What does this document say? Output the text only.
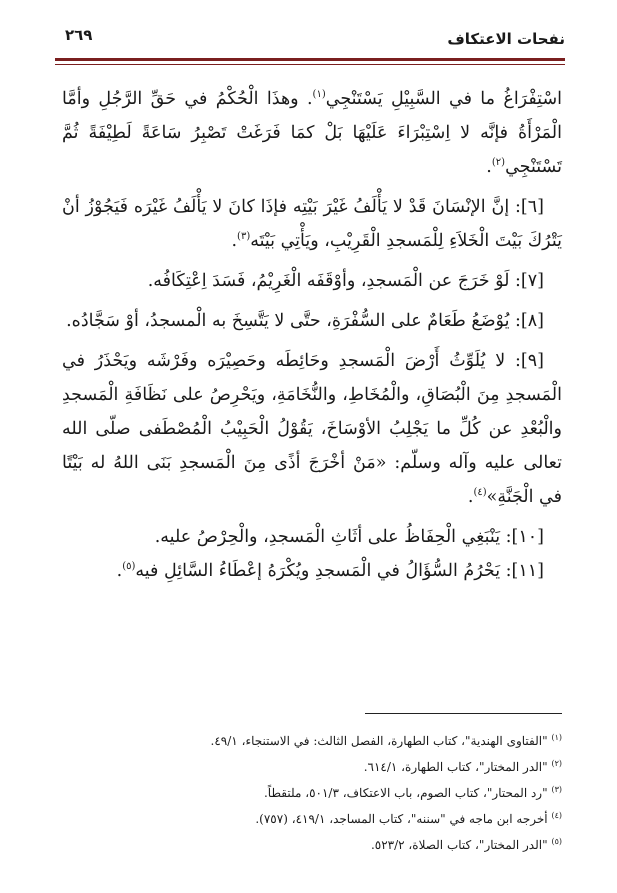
نفحات الاعتكاف
٢٦٩

اسْتِفْرَاغُ ما في السَّبِيْلِ يَسْتَنْجِي$^{(١)}$. وهذَا الْحُكْمُ في حَقِّ الرَّجُلِ وأمَّا الْمَرْأَةُ فإنَّه لا اِسْتِبْرَاءَ عَلَيْهَا بَلْ كمَا فَرَغَتْ تَصْبِرُ سَاعَةً لَطِيْفَةً ثُمَّ تَسْتَنْجِي$^{(٢)}$.

[٦]: إنَّ الإنْسَانَ قَدْ لا يَأْلَفُ غَيْرَ بَيْتِه فإذَا كانَ لا يَأْلَفُ غَيْرَه فَيَجُوْزُ أنْ يَتْرُكَ بَيْتَ الْخَلاَءِ لِلْمَسجدِ الْقَرِيْبِ، ويَأْتِي بَيْتَه$^{(٣)}$.

[٧]: لَوْ خَرَجَ عن الْمَسجدِ، وأوْقَفَه الْغَرِيْمُ، فَسَدَ اِعْتِكَافُه.

[٨]: يُوْضَعُ طَعَامٌ على السُّفْرَةِ، حتَّى لا يَتَّسِخَ به الْمسجدُ، أوْ سَجَّادُه.

[٩]: لا يُلَوِّثُ أَرْضَ الْمَسجدِ وحَائِطَه وحَصِيْرَه وفَرْشَه ويَحْذَرُ في الْمَسجدِ مِنَ الْبُصَاقِ، والْمُخَاطِ، والنُّخَامَةِ، ويَحْرِصُ على نَظَافَةِ الْمَسجدِ والْبُعْدِ عن كُلِّ ما يَجْلِبُ الأوْسَاخَ، يَقُوْلُ الْحَبِيْبُ الْمُصْطَفى صلّى الله تعالى عليه وآله وسلّم: «مَنْ أخْرَجَ أذًى مِنَ الْمَسجدِ بَنَى اللهُ له بَيْتًا في الْجَنَّةِ»$^{(٤)}$.

[١٠]: يَنْبَغِي الْحِفَاظُ على أثَاثِ الْمَسجدِ، والْحِرْصُ عليه.

[١١]: يَحْرُمُ السُّؤَالُ في الْمَسجدِ ويُكْرَهُ إعْطَاءُ السَّائِلِ فيه$^{(٥)}$.

$^{(١)}$ "الفتاوى الهندية"، كتاب الطهارة، الفصل الثالث: في الاستنجاء، ٤٩/١.
$^{(٢)}$ "الدر المختار"، كتاب الطهارة، ٦١٤/١.
$^{(٣)}$ "رد المحتار"، كتاب الصوم، باب الاعتكاف، ٥٠١/٣، ملتقطاً.
$^{(٤)}$ أخرجه ابن ماجه في "سننه"، كتاب المساجد، ٤١٩/١، (٧٥٧).
$^{(٥)}$ "الدر المختار"، كتاب الصلاة، ٥٢٣/٢.
